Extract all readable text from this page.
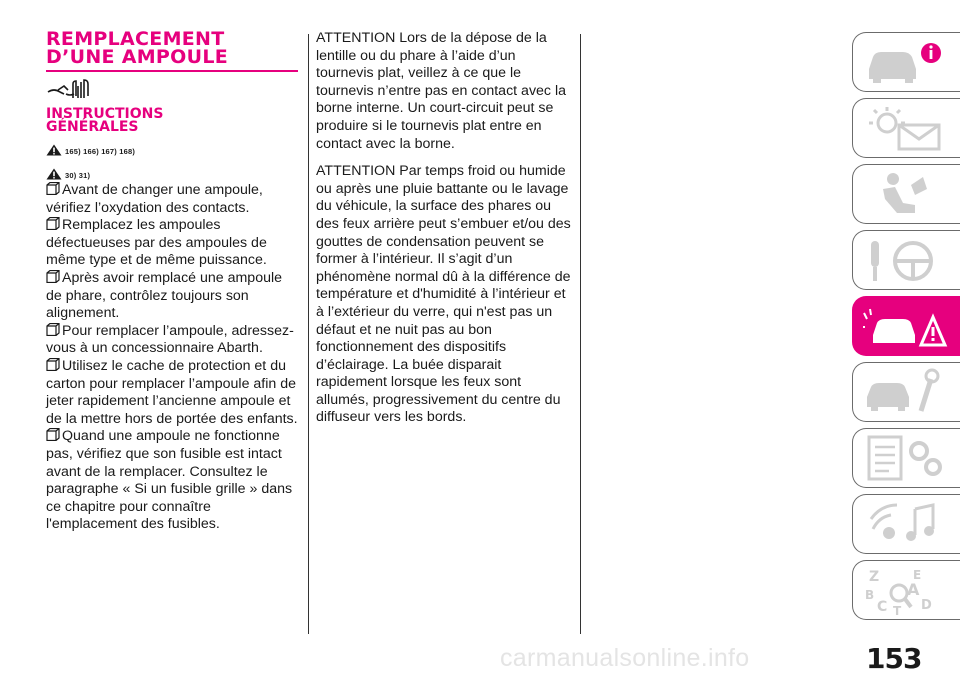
REMPLACEMENT
D’UNE AMPOULE
INSTRUCTIONS
GÉNÉRALES
165) 166) 167) 168)
30) 31)

Avant de changer une ampoule, vérifiez l’oxydation des contacts.

Remplacez les ampoules défectueuses par des ampoules de même type et de même puissance.

Après avoir remplacé une ampoule de phare, contrôlez toujours son alignement.

Pour remplacer l’ampoule, adressez-vous à un concessionnaire Abarth.

Utilisez le cache de protection et du carton pour remplacer l’ampoule afin de jeter rapidement l’ancienne ampoule et de la mettre hors de portée des enfants.

Quand une ampoule ne fonctionne pas, vérifiez que son fusible est intact avant de la remplacer. Consultez le paragraphe « Si un fusible grille » dans ce chapitre pour connaître l'emplacement des fusibles.

ATTENTION Lors de la dépose de la lentille ou du phare à l’aide d’un tournevis plat, veillez à ce que le tournevis n’entre pas en contact avec la borne interne. Un court-circuit peut se produire si le tournevis plat entre en contact avec la borne.

ATTENTION Par temps froid ou humide ou après une pluie battante ou le lavage du véhicule, la surface des phares ou des feux arrière peut s’embuer et/ou des gouttes de condensation peuvent se former à l’intérieur. Il s’agit d’un phénomène normal dû à la différence de température et d'humidité à l’intérieur et à l’extérieur du verre, qui n'est pas un défaut et ne nuit pas au bon fonctionnement des dispositifs d’éclairage. La buée disparait rapidement lorsque les feux sont allumés, progressivement du centre du diffuseur vers les bords.

Z	E
A
B
C	D
T
carmanualsonline.info	153
